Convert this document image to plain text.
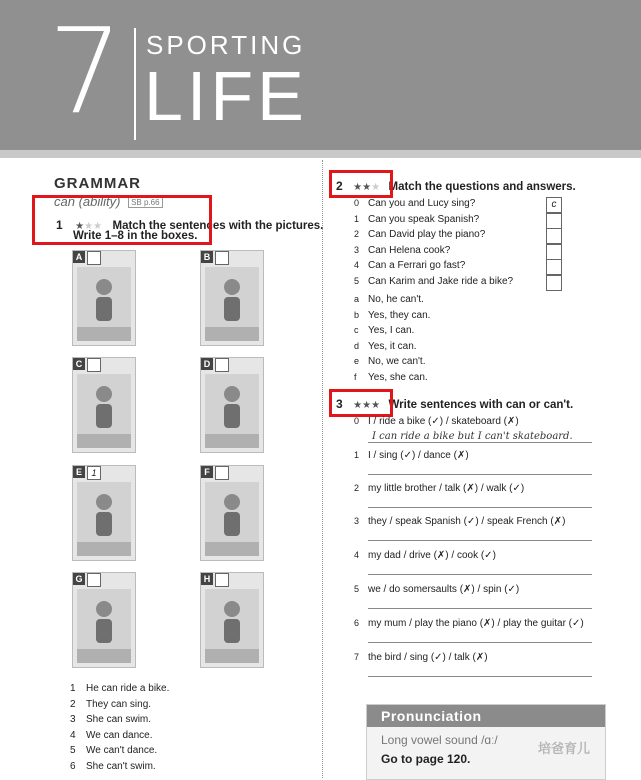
7 SPORTING
LIFE
GRAMMAR
can (ability) SB p.66
1 ★★★ Match the sentences with the pictures.
Write 1–8 in the boxes.
A	B
C	D
E	1	F
G	H
1 He can ride a bike.
2 They can sing.
3 She can swim.
4 We can dance.
5 We can't dance.
6 She can't swim.
2 ★★★ Match the questions and answers.
0 Can you and Lucy sing?	c
1 Can you speak Spanish?
2 Can David play the piano?
3 Can Helena cook?
4 Can a Ferrari go fast?
5 Can Karim and Jake ride a bike?
a No, he can't.
b Yes, they can.
c Yes, I can.
d Yes, it can.
e No, we can't.
f Yes, she can.
3 ★★★ Write sentences with can or can't.
0 I / ride a bike (✓) / skateboard (✗)
1 I / sing (✓) / dance (✗)
2 my little brother / talk (✗) / walk (✓)
3 they / speak Spanish (✓) / speak French (✗)
4 my dad / drive (✗) / cook (✓)
5 we / do somersaults (✗) / spin (✓)
6 my mum / play the piano (✗) / play the guitar (✓)
7 the bird / sing (✓) / talk (✗)
I can ride a bike but I can't skateboard.
Pronunciation
Long vowel sound /ɑː/
Go to page 120.
培爸育儿
